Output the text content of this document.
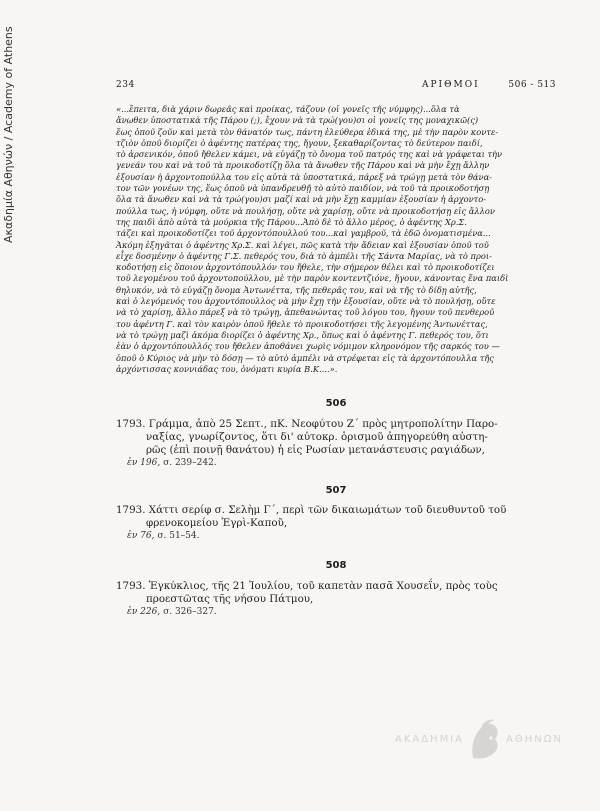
Ακαδημία Αθηνών / Academy of Athens	234	ΑΡΙΘΜΟΙ	506 - 513
«...ἔπειτα, διὰ χάριν δωρεᾶς καὶ προίκας, τάζουν (οἱ γονεῖς τῆς νύμφης)...ὅλα τὰ
ἄνωθεν ὑποστατικὰ τῆς Πάρου (;), ἔχουν νὰ τὰ τρώ(γου)σι οἱ γονεῖς της μοναχικῶ(ς)
ἕως ὁποῦ ζοῦν καὶ μετὰ τὸν θάνατόν τως, πάντη ἐλεύθερα ἐδικά της, μὲ τὴν παρὸν κοντε-
τζιὸν ὁποῦ διορίζει ὁ ἀφέντης πατέρας της, ἤγουν, ξεκαθαρίζοντας τὸ δεύτερον παιδί,
τὸ ἀρσενικόν, ὁποῦ ἤθελεν κάμει, νὰ εὐγάζῃ τὸ ὄνομα τοῦ πατρός της καὶ νὰ γράφεται τὴν
γενεάν του καὶ νὰ τοῦ τὰ προικοδοτίζῃ ὅλα τὰ ἄνωθεν τῆς Πάρου καὶ νὰ μὴν ἔχῃ ἄλλην
ἐξουσίαν ἡ ἀρχοντοπούλλα του εἰς αὐτὰ τὰ ὑποστατικά, πάρεξ νὰ τρώγῃ μετὰ τὸν θάνα-
τον τῶν γονέων της, ἕως ὁποῦ νὰ ὑπανδρευθῇ τὸ αὐτὸ παιδίον, νὰ τοῦ τὰ προικοδοτήσῃ
ὅλα τὰ ἄνωθεν καὶ νὰ τὰ τρώ(γου)σι μαζί καὶ νὰ μὴν ἔχῃ καμμίαν ἐξουσίαν ἡ ἀρχοντο-
πούλλα τως, ἡ νύμφη, οὔτε νὰ πουλήσῃ, οὔτε νὰ χαρίσῃ, οὔτε νὰ προικοδοτήσῃ εἰς ἄλλον
της παιδὶ ἀπὸ αὐτὰ τὰ μούρκια τῆς Πάρου...Ἀπὸ δὲ τὸ ἄλλο μέρος, ὁ ἀφέντης Χρ.Σ.
τάζει καὶ προικοδοτίζει τοῦ ἀρχοντόπουλλού του...καὶ γαμβροῦ, τὰ ἐδῶ ὀνοματισμένα...
Ἀκόμη ἐξηγᾶται ὁ ἀφέντης Χρ.Σ. καὶ λέγει, πῶς κατὰ τὴν ἄδειαν καὶ ἐξουσίαν ὁποῦ τοῦ
εἶχε δοσμένην ὁ ἀφέντης Γ.Σ. πεθερός του, διὰ τὸ ἀμπέλι τῆς Σάντα Μαρίας, νὰ τὸ προι-
κοδοτήσῃ εἰς ὅποιον ἀρχοντόπουλλόν του ἤθελε, τὴν σήμερον θέλει καὶ τὸ προικοδοτίζει
τοῦ λεγομένου τοῦ ἀρχοντοπούλλου, μὲ τὴν παρὸν κοντεντζιόνε, ἤγουν, κάνοντας ἕνα παιδὶ
θηλυκόν, νὰ τὸ εὐγάζῃ ὄνομα Ἀντωνέττα, τῆς πεθερᾶς του, καὶ νὰ τῆς τὸ δίδῃ αὐτῆς,
καὶ ὁ λεγόμενός του ἀρχοντόπουλλος νὰ μὴν ἔχῃ τὴν ἐξουσίαν, οὔτε νὰ τὸ πουλήσῃ, οὔτε
νὰ τὸ χαρίσῃ, ἄλλο πάρεξ νὰ τὸ τρώγῃ, ἀπεθανώντας τοῦ λόγου του, ἤγουν τοῦ πενθεροῦ
του ἀφέντη Γ. καὶ τὸν καιρὸν ὁποῦ ἤθελε τὸ προικοδοτήσει τῆς λεγομένης Ἀντωνέττας,
νὰ τὸ τρώγῃ μαζὶ ἀκόμα διορίζει ὁ ἀφέντης Χρ., ὅπως καὶ ὁ ἀφέντης Γ. πεθερός του, ὅτι
ἐὰν ὁ ἀρχοντόπουλλός του ἤθελεν ἀποθάνει χωρὶς νόμιμον κληρονόμον τῆς σαρκός του —
ὁποῦ ὁ Κύριος νὰ μὴν τὸ δόσῃ — τὸ αὐτὸ ἀμπέλι νὰ στρέφεται εἰς τὰ ἀρχοντόπουλλα τῆς
ἀρχόντισσας κοννιάδας του, ὀνόματι κυρία Β.Κ....».

506

1793. Γράμμα, ἀπὸ 25 Σεπτ., πΚ. Νεοφύτου Ζ΄ πρὸς μητροπολίτην Παρο-
ναξίας, γνωρίζοντος, ὅτι δι' αὐτοκρ. ὁρισμοῦ ἀπηγορεύθη αὐστη-
ρῶς (ἐπὶ ποινῇ θανάτου) ἡ εἰς Ρωσίαν μετανάστευσις ραγιάδων,

ἐν 196, σ. 239–242.

507

1793. Χάττι σερίφ σ. Σελὴμ Γ΄, περὶ τῶν δικαιωμάτων τοῦ διευθυντοῦ τοῦ
φρενοκομείου Ἐγρὶ-Καποῦ,

ἐν 76, σ. 51–54.

508

1793. Ἐγκύκλιος, τῆς 21 Ἰουλίου, τοῦ καπετὰν πασᾶ Χουσεΐν, πρὸς τοὺς
προεστῶτας τῆς νήσου Πάτμου,

ἐν 226, σ. 326–327.
ΑΚΑΔΗΜΙΑ	ΑΘΗΝΩΝ
